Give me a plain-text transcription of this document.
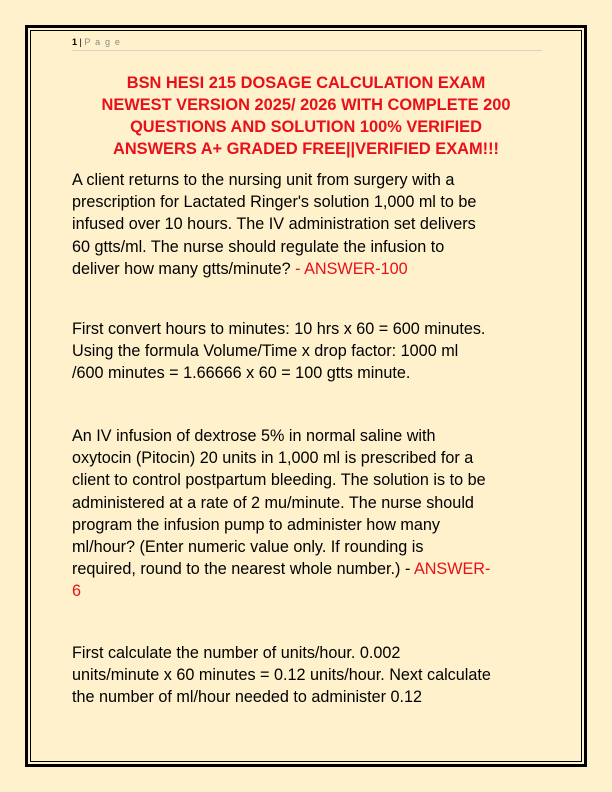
1 | P a g e
BSN HESI 215 DOSAGE CALCULATION EXAM
NEWEST VERSION 2025/ 2026 WITH COMPLETE 200
QUESTIONS AND SOLUTION 100% VERIFIED
ANSWERS A+ GRADED FREE||VERIFIED EXAM!!!
A client returns to the nursing unit from surgery with a
prescription for Lactated Ringer's solution 1,000 ml to be
infused over 10 hours. The IV administration set delivers
60 gtts/ml. The nurse should regulate the infusion to
deliver how many gtts/minute? - ANSWER-100
First convert hours to minutes: 10 hrs x 60 = 600 minutes.
Using the formula Volume/Time x drop factor: 1000 ml
/600 minutes = 1.66666 x 60 = 100 gtts minute.
An IV infusion of dextrose 5% in normal saline with
oxytocin (Pitocin) 20 units in 1,000 ml is prescribed for a
client to control postpartum bleeding. The solution is to be
administered at a rate of 2 mu/minute. The nurse should
program the infusion pump to administer how many
ml/hour? (Enter numeric value only. If rounding is
required, round to the nearest whole number.) - ANSWER-
6
First calculate the number of units/hour. 0.002
units/minute x 60 minutes = 0.12 units/hour. Next calculate
the number of ml/hour needed to administer 0.12
